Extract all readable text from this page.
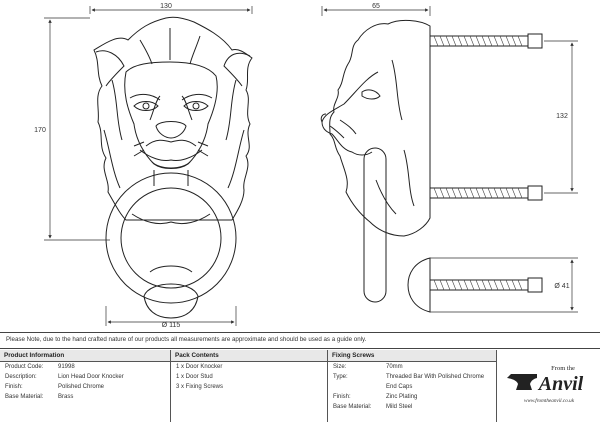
130
170
Ø 115
65
132
Ø 41
Please Note, due to the hand crafted nature of our products all measurements are approximate and should be used as a guide only.
Product Information
Product Code: 91998
Description:	Lion Head Door Knocker
Finish:	Polished Chrome
Base Material: Brass
Pack Contents
1 x Door Knocker
1 x Door Stud
3 x Fixing Screws
Fixing Screws
Size:	70mm
Type:	Threaded Bar With Polished Chrome
End Caps
Finish:	Zinc Plating
Base Material: Mild Steel
From the
Anvil
www.fromtheanvil.co.uk
